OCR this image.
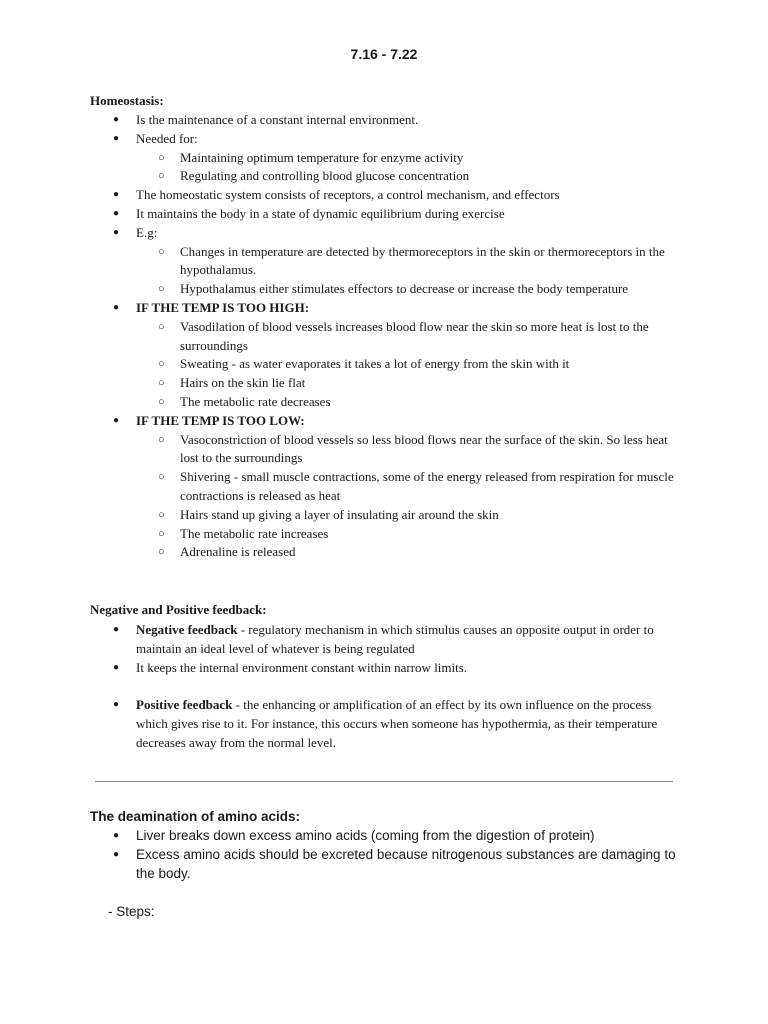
7.16 - 7.22
Homeostasis:
● Is the maintenance of a constant internal environment.
● Needed for:
○ Maintaining optimum temperature for enzyme activity
○ Regulating and controlling blood glucose concentration
● The homeostatic system consists of receptors, a control mechanism, and effectors
● It maintains the body in a state of dynamic equilibrium during exercise
● E.g:
○ Changes in temperature are detected by thermoreceptors in the skin or thermoreceptors in the hypothalamus.
○ Hypothalamus either stimulates effectors to decrease or increase the body temperature
● IF THE TEMP IS TOO HIGH:
○ Vasodilation of blood vessels increases blood flow near the skin so more heat is lost to the surroundings
○ Sweating - as water evaporates it takes a lot of energy from the skin with it
○ Hairs on the skin lie flat
○ The metabolic rate decreases
● IF THE TEMP IS TOO LOW:
○ Vasoconstriction of blood vessels so less blood flows near the surface of the skin. So less heat lost to the surroundings
○ Shivering - small muscle contractions, some of the energy released from respiration for muscle contractions is released as heat
○ Hairs stand up giving a layer of insulating air around the skin
○ The metabolic rate increases
○ Adrenaline is released
Negative and Positive feedback:
● Negative feedback - regulatory mechanism in which stimulus causes an opposite output in order to maintain an ideal level of whatever is being regulated
● It keeps the internal environment constant within narrow limits.
● Positive feedback - the enhancing or amplification of an effect by its own influence on the process which gives rise to it. For instance, this occurs when someone has hypothermia, as their temperature decreases away from the normal level.
The deamination of amino acids:
● Liver breaks down excess amino acids (coming from the digestion of protein)
● Excess amino acids should be excreted because nitrogenous substances are damaging to the body.
- Steps:
